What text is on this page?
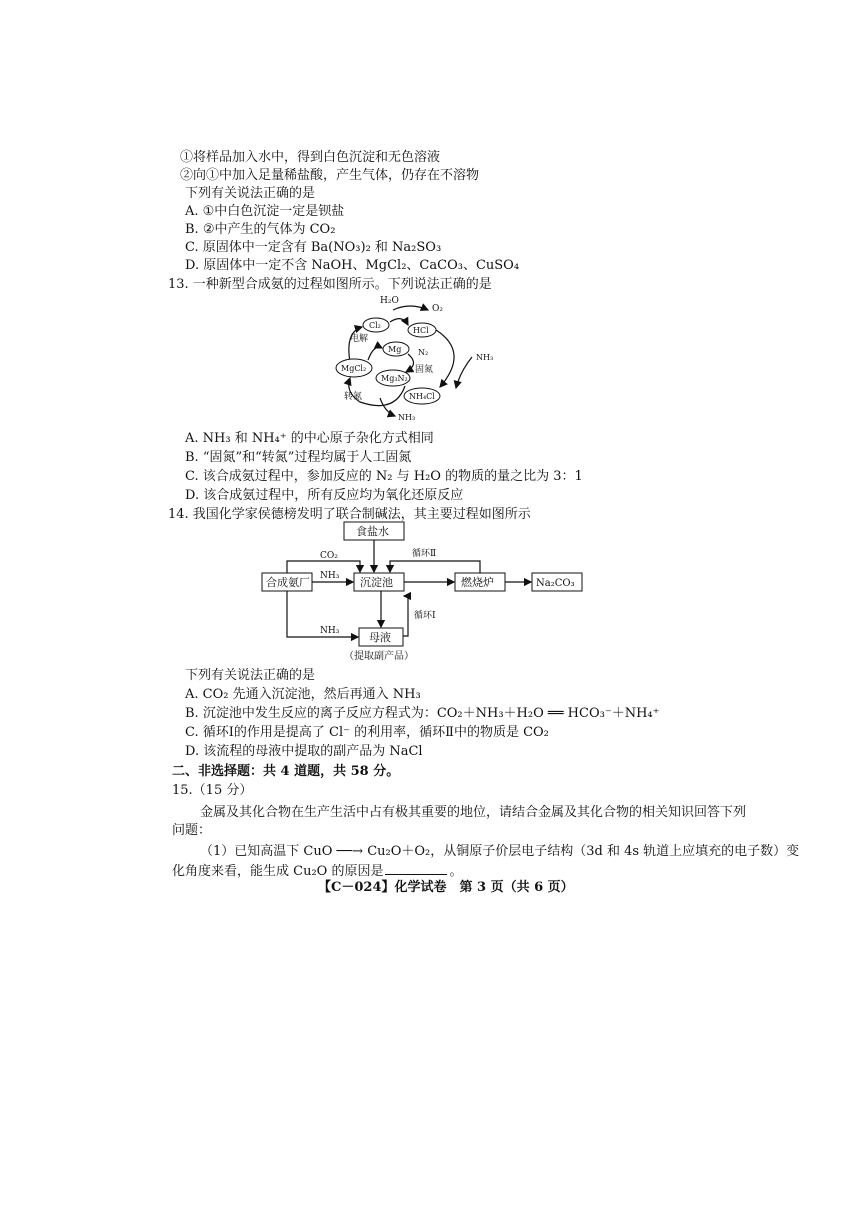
①将样品加入水中，得到白色沉淀和无色溶液
②向①中加入足量稀盐酸，产生气体，仍存在不溶物
下列有关说法正确的是
A. ①中白色沉淀一定是钡盐
B. ②中产生的气体为 CO₂
C. 原固体中一定含有 Ba(NO₃)₂ 和 Na₂SO₃
D. 原固体中一定不含 NaOH、MgCl₂、CaCO₃、CuSO₄
13. 一种新型合成氨的过程如图所示。下列说法正确的是
H₂O
O₂
Cl₂
HCl
电解
Mg N₂
MgCl₂
Mg₃N₂
固氮
NH₃
NH₄Cl
转氮
NH₃
A. NH₃ 和 NH₄⁺ 的中心原子杂化方式相同
B. “固氮”和“转氮”过程均属于人工固氮
C. 该合成氨过程中，参加反应的 N₂ 与 H₂O 的物质的量之比为 3：1
D. 该合成氨过程中，所有反应均为氧化还原反应
14. 我国化学家侯德榜发明了联合制碱法，其主要过程如图所示
食盐水
合成氨厂	沉淀池	燃烧炉	Na₂CO₃
母液
（提取副产品）
NH₃
CO₂	循环Ⅱ
循环Ⅰ
NH₃
下列有关说法正确的是
A. CO₂ 先通入沉淀池，然后再通入 NH₃
B. 沉淀池中发生反应的离子反应方程式为：CO₂＋NH₃＋H₂O ══ HCO₃⁻＋NH₄⁺
C. 循环Ⅰ的作用是提高了 Cl⁻ 的利用率，循环Ⅱ中的物质是 CO₂
D. 该流程的母液中提取的副产品为 NaCl
二、非选择题：共 4 道题，共 58 分。
15.（15 分）
金属及其化合物在生产生活中占有极其重要的地位，请结合金属及其化合物的相关知识回答下列
问题：
（1）已知高温下 CuO ──→ Cu₂O＋O₂，从铜原子价层电子结构（3d 和 4s 轨道上应填充的电子数）变
化角度来看，能生成 Cu₂O 的原因是	。
【C－024】化学试卷　第 3 页（共 6 页）
